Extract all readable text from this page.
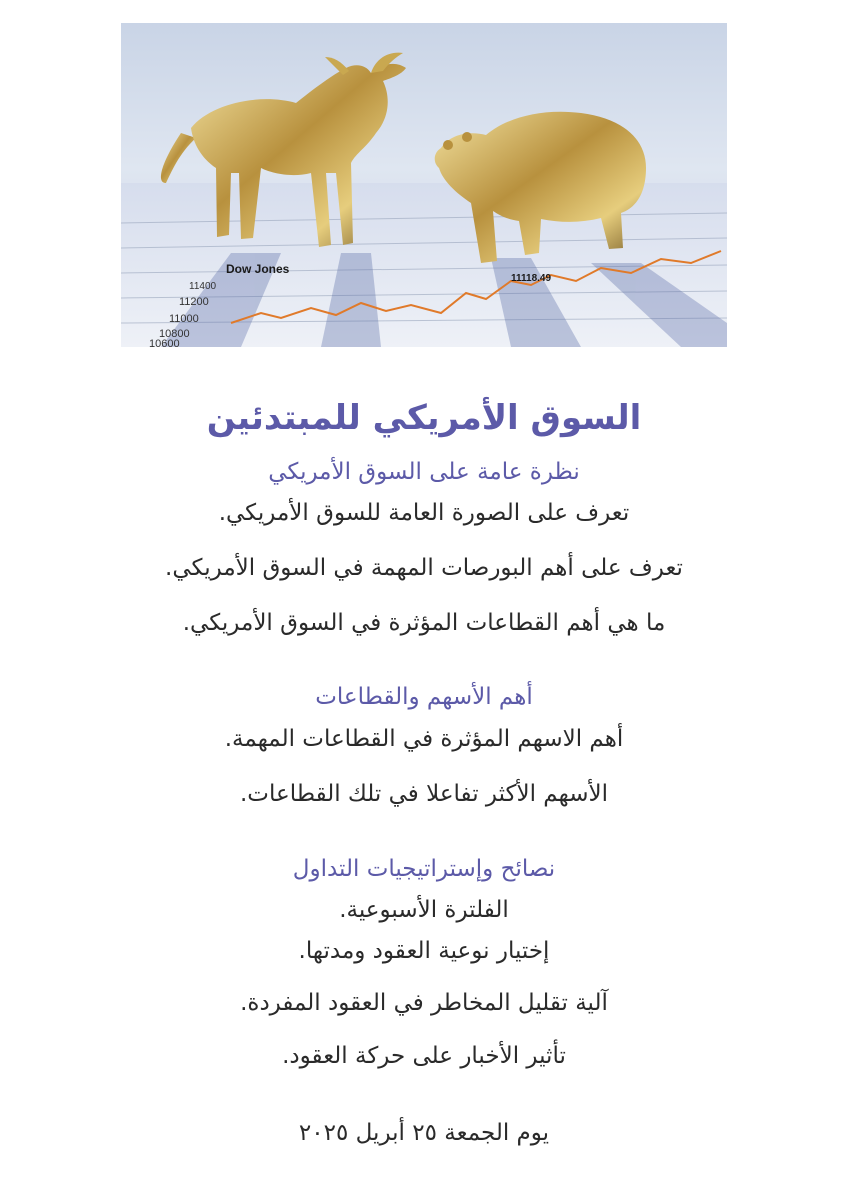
Dow Jones
11118.49
11400
11200
11000
10800
10600
السوق الأمريكي للمبتدئين
نظرة عامة على السوق الأمريكي
تعرف على الصورة العامة للسوق الأمريكي.
تعرف على أهم البورصات المهمة في السوق الأمريكي.
ما هي أهم القطاعات المؤثرة في السوق الأمريكي.
أهم الأسهم والقطاعات
أهم الاسهم المؤثرة في القطاعات المهمة.
الأسهم الأكثر تفاعلا في تلك القطاعات.
نصائح وإستراتيجيات التداول
الفلترة الأسبوعية.
إختيار نوعية العقود ومدتها.
آلية تقليل المخاطر في العقود المفردة.
تأثير الأخبار على حركة العقود.
يوم الجمعة ٢٥ أبريل ٢٠٢٥
